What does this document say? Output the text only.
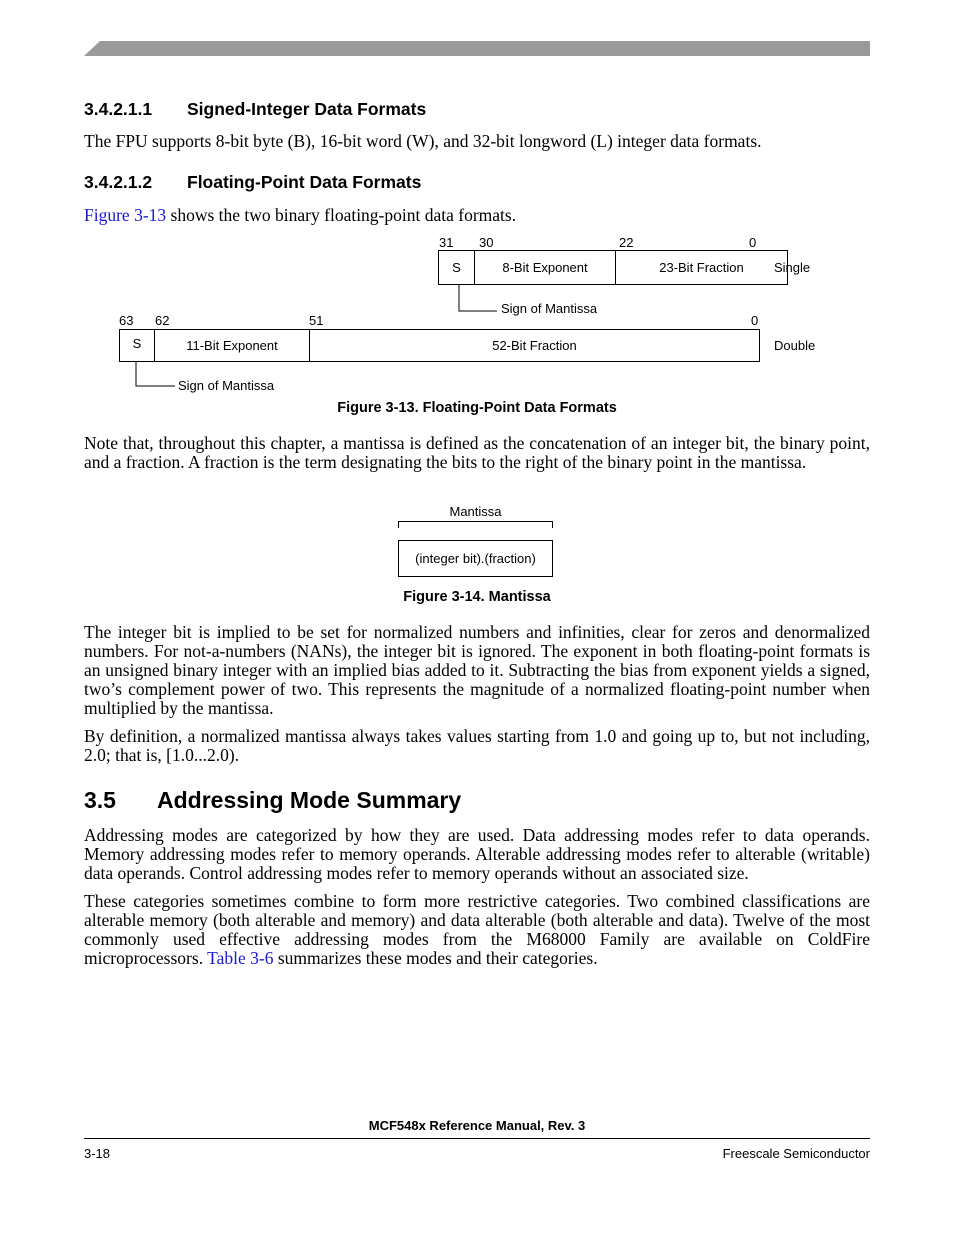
3.4.2.1.1 Signed-Integer Data Formats
The FPU supports 8-bit byte (B), 16-bit word (W), and 32-bit longword (L) integer data formats.
3.4.2.1.2 Floating-Point Data Formats
Figure 3-13 shows the two binary floating-point data formats.
31 30	22	0
S	8-Bit Exponent	23-Bit Fraction	Single
Sign of Mantissa
63 62	51	0
S	11-Bit Exponent	52-Bit Fraction	Double
Sign of Mantissa
Figure 3-13. Floating-Point Data Formats
Note that, throughout this chapter, a mantissa is defined as the concatenation of an integer bit, the binary point, and a fraction. A fraction is the term designating the bits to the right of the binary point in the mantissa.
Mantissa
(integer bit).(fraction)
Figure 3-14. Mantissa
The integer bit is implied to be set for normalized numbers and infinities, clear for zeros and denormalized numbers. For not-a-numbers (NANs), the integer bit is ignored. The exponent in both floating-point formats is an unsigned binary integer with an implied bias added to it. Subtracting the bias from exponent yields a signed, two’s complement power of two. This represents the magnitude of a normalized floating-point number when multiplied by the mantissa.
By definition, a normalized mantissa always takes values starting from 1.0 and going up to, but not including, 2.0; that is, [1.0...2.0).
3.5 Addressing Mode Summary
Addressing modes are categorized by how they are used. Data addressing modes refer to data operands. Memory addressing modes refer to memory operands. Alterable addressing modes refer to alterable (writable) data operands. Control addressing modes refer to memory operands without an associated size.
These categories sometimes combine to form more restrictive categories. Two combined classifications are alterable memory (both alterable and memory) and data alterable (both alterable and data). Twelve of the most commonly used effective addressing modes from the M68000 Family are available on ColdFire microprocessors. Table 3-6 summarizes these modes and their categories.
MCF548x Reference Manual, Rev. 3
3-18	Freescale Semiconductor
